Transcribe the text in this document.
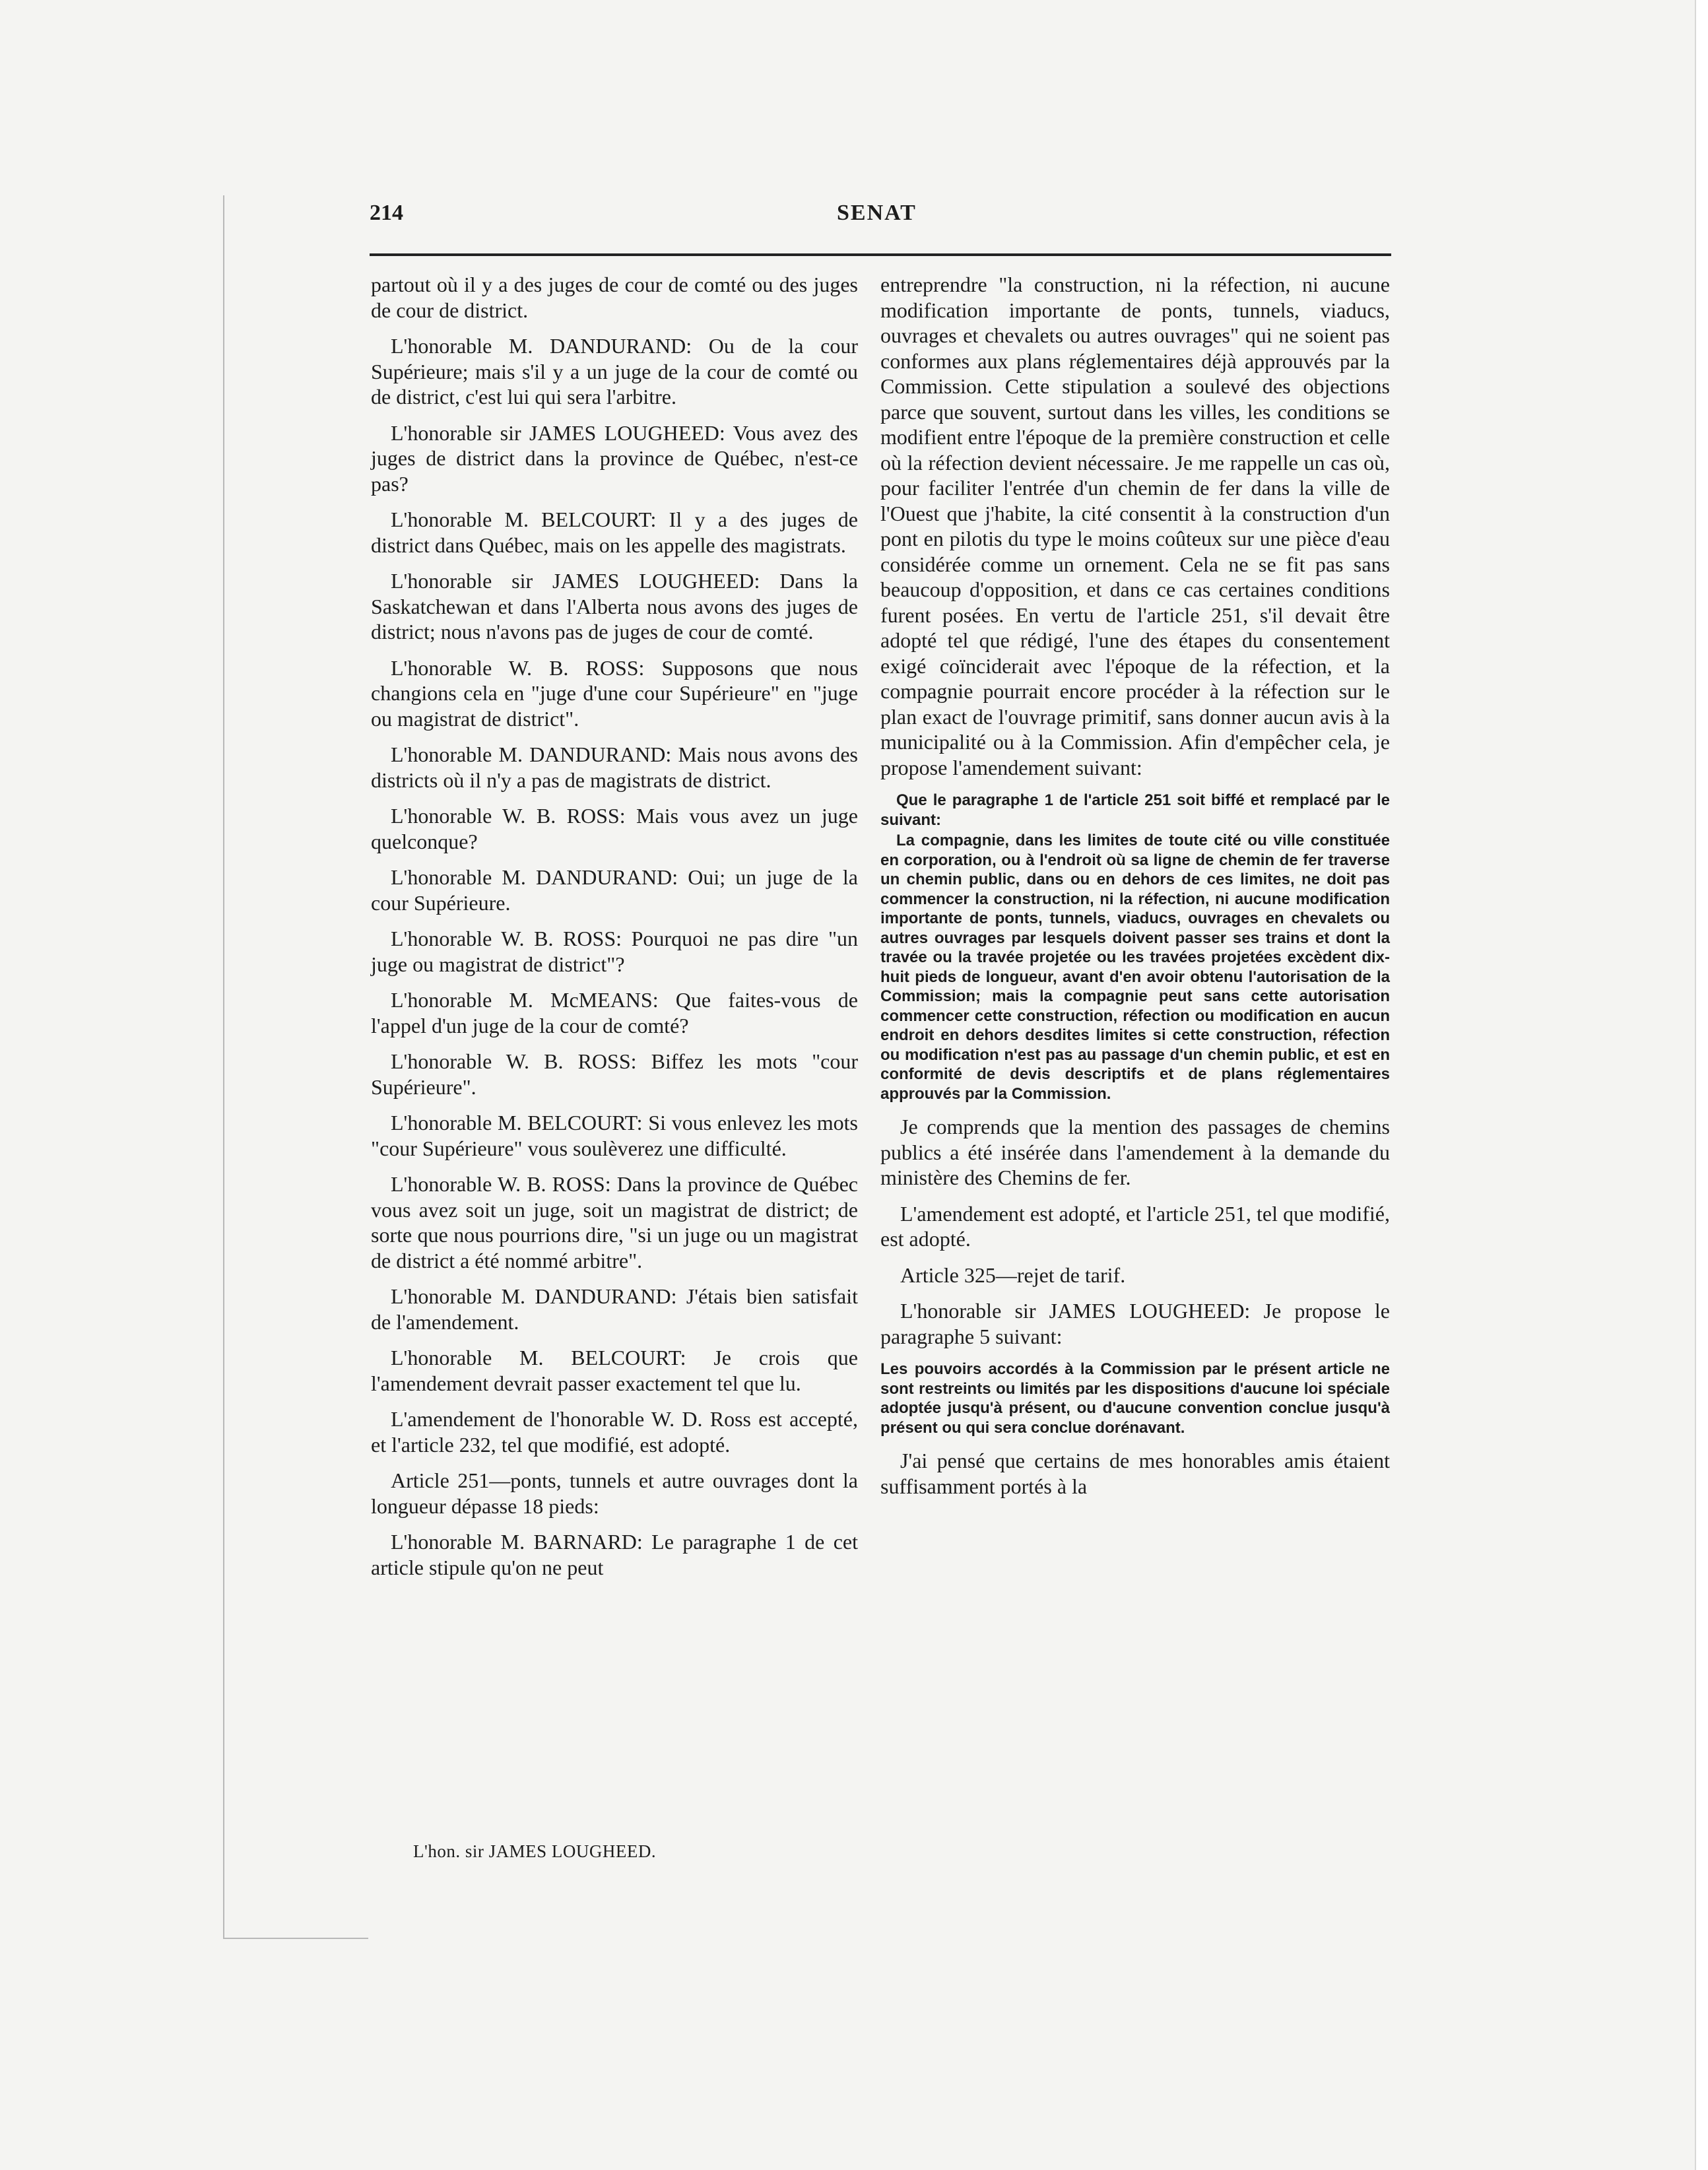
214	SENAT

partout où il y a des juges de cour de comté ou des juges de cour de district.

L'honorable M. DANDURAND: Ou de la cour Supérieure; mais s'il y a un juge de la cour de comté ou de district, c'est lui qui sera l'arbitre.

L'honorable sir JAMES LOUGHEED: Vous avez des juges de district dans la province de Québec, n'est-ce pas?

L'honorable M. BELCOURT: Il y a des juges de district dans Québec, mais on les appelle des magistrats.

L'honorable sir JAMES LOUGHEED: Dans la Saskatchewan et dans l'Alberta nous avons des juges de district; nous n'avons pas de juges de cour de comté.

L'honorable W. B. ROSS: Supposons que nous changions cela en "juge d'une cour Supérieure" en "juge ou magistrat de district".

L'honorable M. DANDURAND: Mais nous avons des districts où il n'y a pas de magistrats de district.

L'honorable W. B. ROSS: Mais vous avez un juge quelconque?

L'honorable M. DANDURAND: Oui; un juge de la cour Supérieure.

L'honorable W. B. ROSS: Pourquoi ne pas dire "un juge ou magistrat de district"?

L'honorable M. McMEANS: Que faites-vous de l'appel d'un juge de la cour de comté?

L'honorable W. B. ROSS: Biffez les mots "cour Supérieure".

L'honorable M. BELCOURT: Si vous enlevez les mots "cour Supérieure" vous soulèverez une difficulté.

L'honorable W. B. ROSS: Dans la province de Québec vous avez soit un juge, soit un magistrat de district; de sorte que nous pourrions dire, "si un juge ou un magistrat de district a été nommé arbitre".

L'honorable M. DANDURAND: J'étais bien satisfait de l'amendement.

L'honorable M. BELCOURT: Je crois que l'amendement devrait passer exactement tel que lu.

L'amendement de l'honorable W. D. Ross est accepté, et l'article 232, tel que modifié, est adopté.

Article 251—ponts, tunnels et autre ouvrages dont la longueur dépasse 18 pieds:

L'honorable M. BARNARD: Le paragraphe 1 de cet article stipule qu'on ne peut

L'hon. sir JAMES LOUGHEED.

entreprendre "la construction, ni la réfection, ni aucune modification importante de ponts, tunnels, viaducs, ouvrages et chevalets ou autres ouvrages" qui ne soient pas conformes aux plans réglementaires déjà approuvés par la Commission. Cette stipulation a soulevé des objections parce que souvent, surtout dans les villes, les conditions se modifient entre l'époque de la première construction et celle où la réfection devient nécessaire. Je me rappelle un cas où, pour faciliter l'entrée d'un chemin de fer dans la ville de l'Ouest que j'habite, la cité consentit à la construction d'un pont en pilotis du type le moins coûteux sur une pièce d'eau considérée comme un ornement. Cela ne se fit pas sans beaucoup d'opposition, et dans ce cas certaines conditions furent posées. En vertu de l'article 251, s'il devait être adopté tel que rédigé, l'une des étapes du consentement exigé coïnciderait avec l'époque de la réfection, et la compagnie pourrait encore procéder à la réfection sur le plan exact de l'ouvrage primitif, sans donner aucun avis à la municipalité ou à la Commission. Afin d'empêcher cela, je propose l'amendement suivant:

Que le paragraphe 1 de l'article 251 soit biffé et remplacé par le suivant:

La compagnie, dans les limites de toute cité ou ville constituée en corporation, ou à l'endroit où sa ligne de chemin de fer traverse un chemin public, dans ou en dehors de ces limites, ne doit pas commencer la construction, ni la réfection, ni aucune modification importante de ponts, tunnels, viaducs, ouvrages en chevalets ou autres ouvrages par lesquels doivent passer ses trains et dont la travée ou la travée projetée ou les travées projetées excèdent dix-huit pieds de longueur, avant d'en avoir obtenu l'autorisation de la Commission; mais la compagnie peut sans cette autorisation commencer cette construction, réfection ou modification en aucun endroit en dehors desdites limites si cette construction, réfection ou modification n'est pas au passage d'un chemin public, et est en conformité de devis descriptifs et de plans réglementaires approuvés par la Commission.

Je comprends que la mention des passages de chemins publics a été insérée dans l'amendement à la demande du ministère des Chemins de fer.

L'amendement est adopté, et l'article 251, tel que modifié, est adopté.

Article 325—rejet de tarif.

L'honorable sir JAMES LOUGHEED: Je propose le paragraphe 5 suivant:

Les pouvoirs accordés à la Commission par le présent article ne sont restreints ou limités par les dispositions d'aucune loi spéciale adoptée jusqu'à présent, ou d'aucune convention conclue jusqu'à présent ou qui sera conclue dorénavant.

J'ai pensé que certains de mes honorables amis étaient suffisamment portés à la
